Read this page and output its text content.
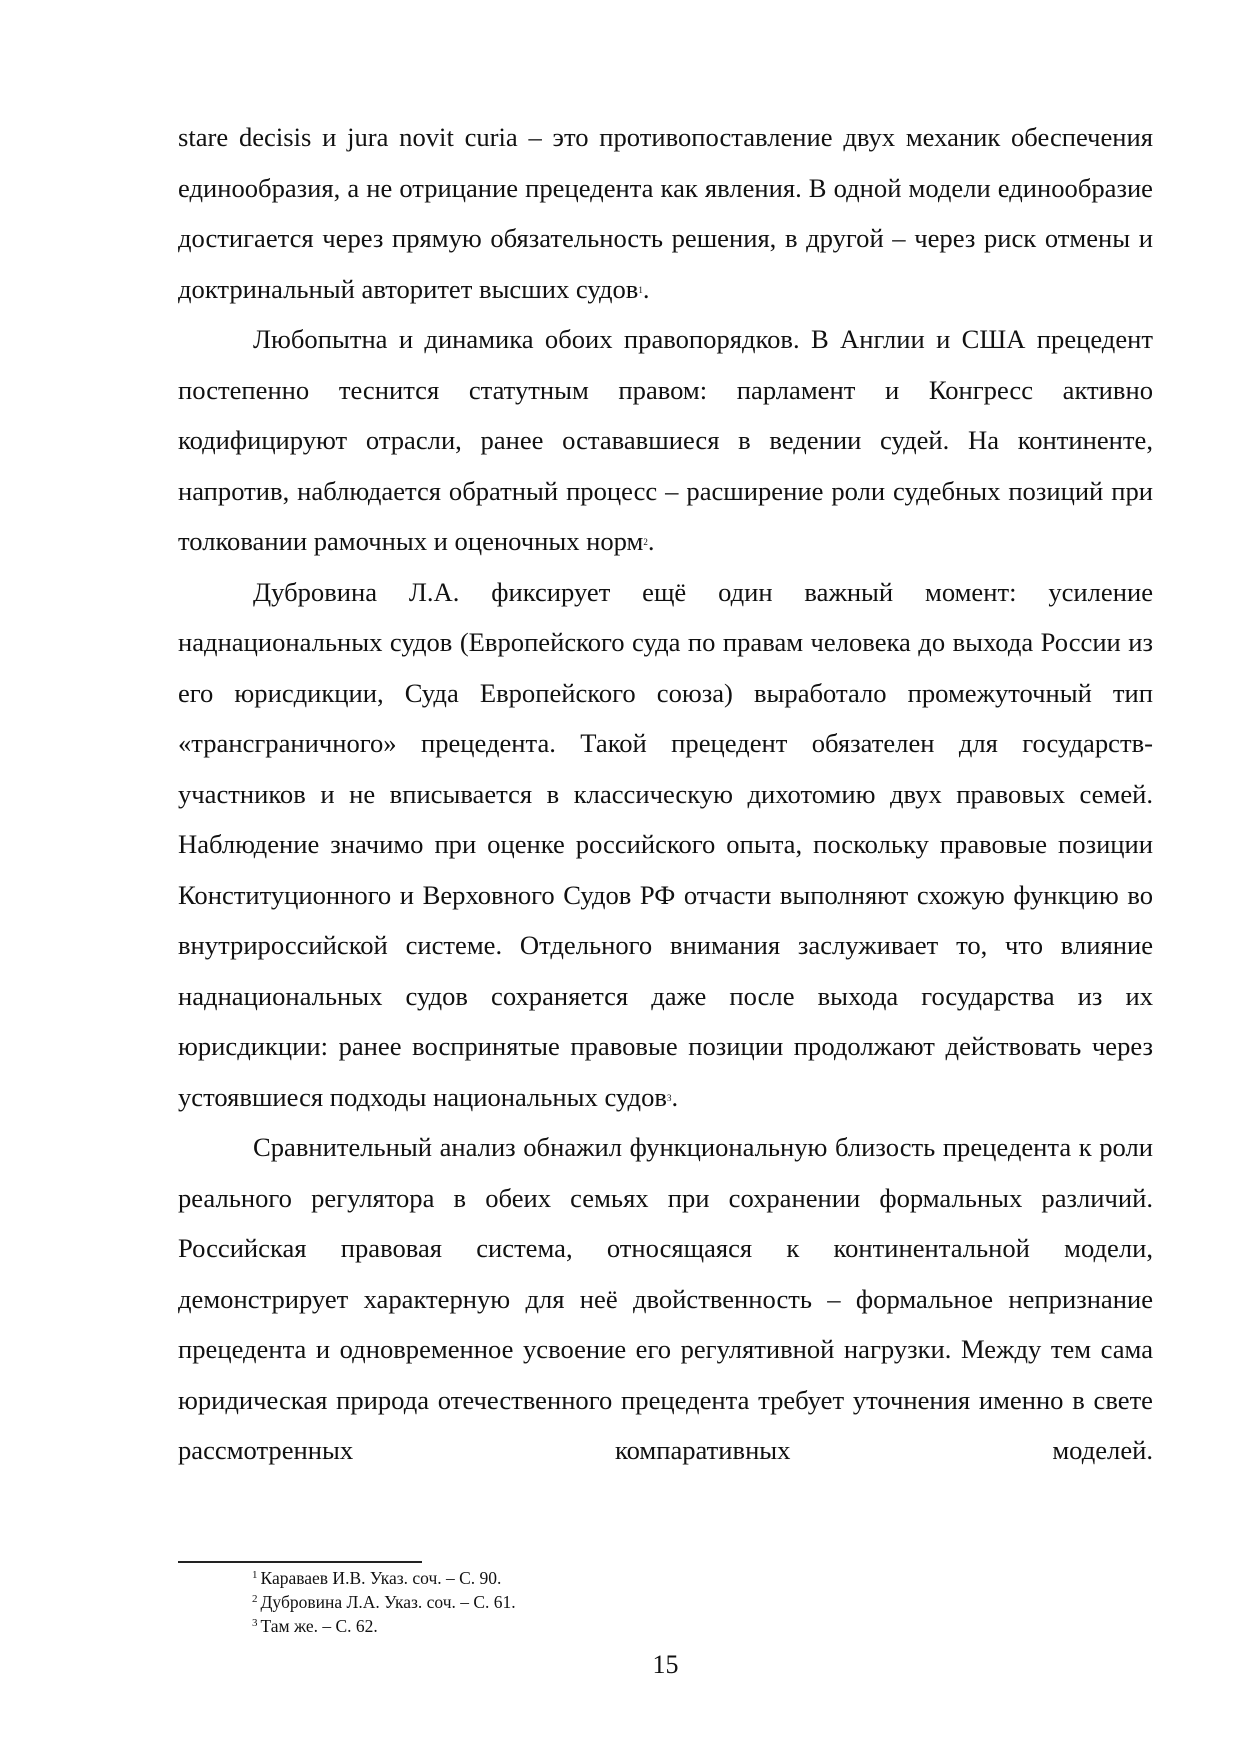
stare decisis и jura novit curia – это противопоставление двух механик обеспечения единообразия, а не отрицание прецедента как явления. В одной модели единообразие достигается через прямую обязательность решения, в другой – через риск отмены и доктринальный авторитет высших судов1.

Любопытна и динамика обоих правопорядков. В Англии и США прецедент постепенно теснится статутным правом: парламент и Конгресс активно кодифицируют отрасли, ранее остававшиеся в ведении судей. На континенте, напротив, наблюдается обратный процесс – расширение роли судебных позиций при толковании рамочных и оценочных норм2.

Дубровина Л.А. фиксирует ещё один важный момент: усиление наднациональных судов (Европейского суда по правам человека до выхода России из его юрисдикции, Суда Европейского союза) выработало промежуточный тип «трансграничного» прецедента. Такой прецедент обязателен для государств-участников и не вписывается в классическую дихотомию двух правовых семей. Наблюдение значимо при оценке российского опыта, поскольку правовые позиции Конституционного и Верховного Судов РФ отчасти выполняют схожую функцию во внутрироссийской системе. Отдельного внимания заслуживает то, что влияние наднациональных судов сохраняется даже после выхода государства из их юрисдикции: ранее воспринятые правовые позиции продолжают действовать через устоявшиеся подходы национальных судов3.

Сравнительный анализ обнажил функциональную близость прецедента к роли реального регулятора в обеих семьях при сохранении формальных различий. Российская правовая система, относящаяся к континентальной модели, демонстрирует характерную для неё двойственность – формальное непризнание прецедента и одновременное усвоение его регулятивной нагрузки. Между тем сама юридическая природа отечественного прецедента требует уточнения именно в свете рассмотренных компаративных моделей.

$^1$ Караваев И.В. Указ. соч. – С. 90.

$^2$ Дубровина Л.А. Указ. соч. – С. 61.

$^3$ Там же. – С. 62.

15
